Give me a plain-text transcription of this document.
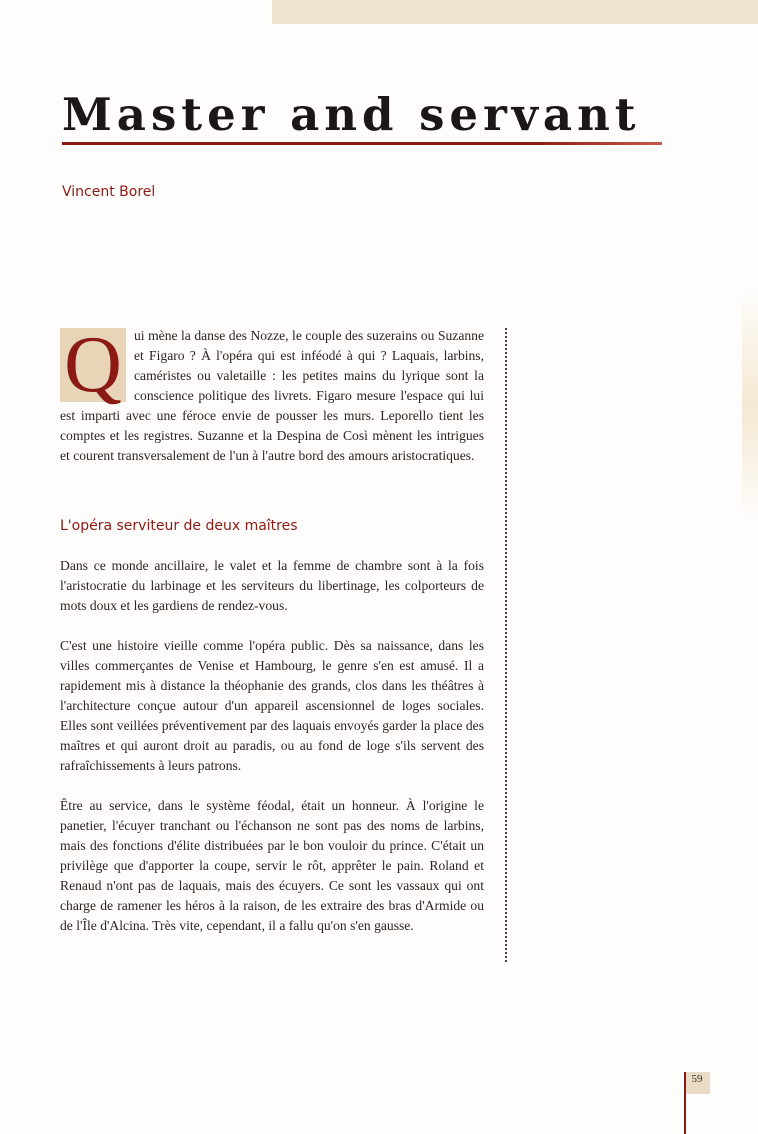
Master and servant
Vincent Borel

Q ui mène la danse des Nozze, le couple des suzerains ou Suzanne et Figaro ? À l'opéra qui est inféodé à qui ? Laquais, larbins, caméristes ou valetaille : les petites mains du lyrique sont la conscience politique des livrets. Figaro mesure l'espace qui lui est imparti avec une féroce envie de pousser les murs. Leporello tient les comptes et les registres. Suzanne et la Despina de Così mènent les intrigues et courent transversalement de l'un à l'autre bord des amours aristocratiques.

L'opéra serviteur de deux maîtres

Dans ce monde ancillaire, le valet et la femme de chambre sont à la fois l'aristocratie du larbinage et les serviteurs du libertinage, les colporteurs de mots doux et les gardiens de rendez-vous.

C'est une histoire vieille comme l'opéra public. Dès sa naissance, dans les villes commerçantes de Venise et Hambourg, le genre s'en est amusé. Il a rapidement mis à distance la théophanie des grands, clos dans les théâtres à l'architecture conçue autour d'un appareil ascensionnel de loges sociales. Elles sont veillées préventivement par des laquais envoyés garder la place des maîtres et qui auront droit au paradis, ou au fond de loge s'ils servent des rafraîchissements à leurs patrons.

Être au service, dans le système féodal, était un honneur. À l'origine le panetier, l'écuyer tranchant ou l'échanson ne sont pas des noms de larbins, mais des fonctions d'élite distribuées par le bon vouloir du prince. C'était un privilège que d'apporter la coupe, servir le rôt, apprêter le pain. Roland et Renaud n'ont pas de laquais, mais des écuyers. Ce sont les vassaux qui ont charge de ramener les héros à la raison, de les extraire des bras d'Armide ou de l'Île d'Alcina. Très vite, cependant, il a fallu qu'on s'en gausse.

59
